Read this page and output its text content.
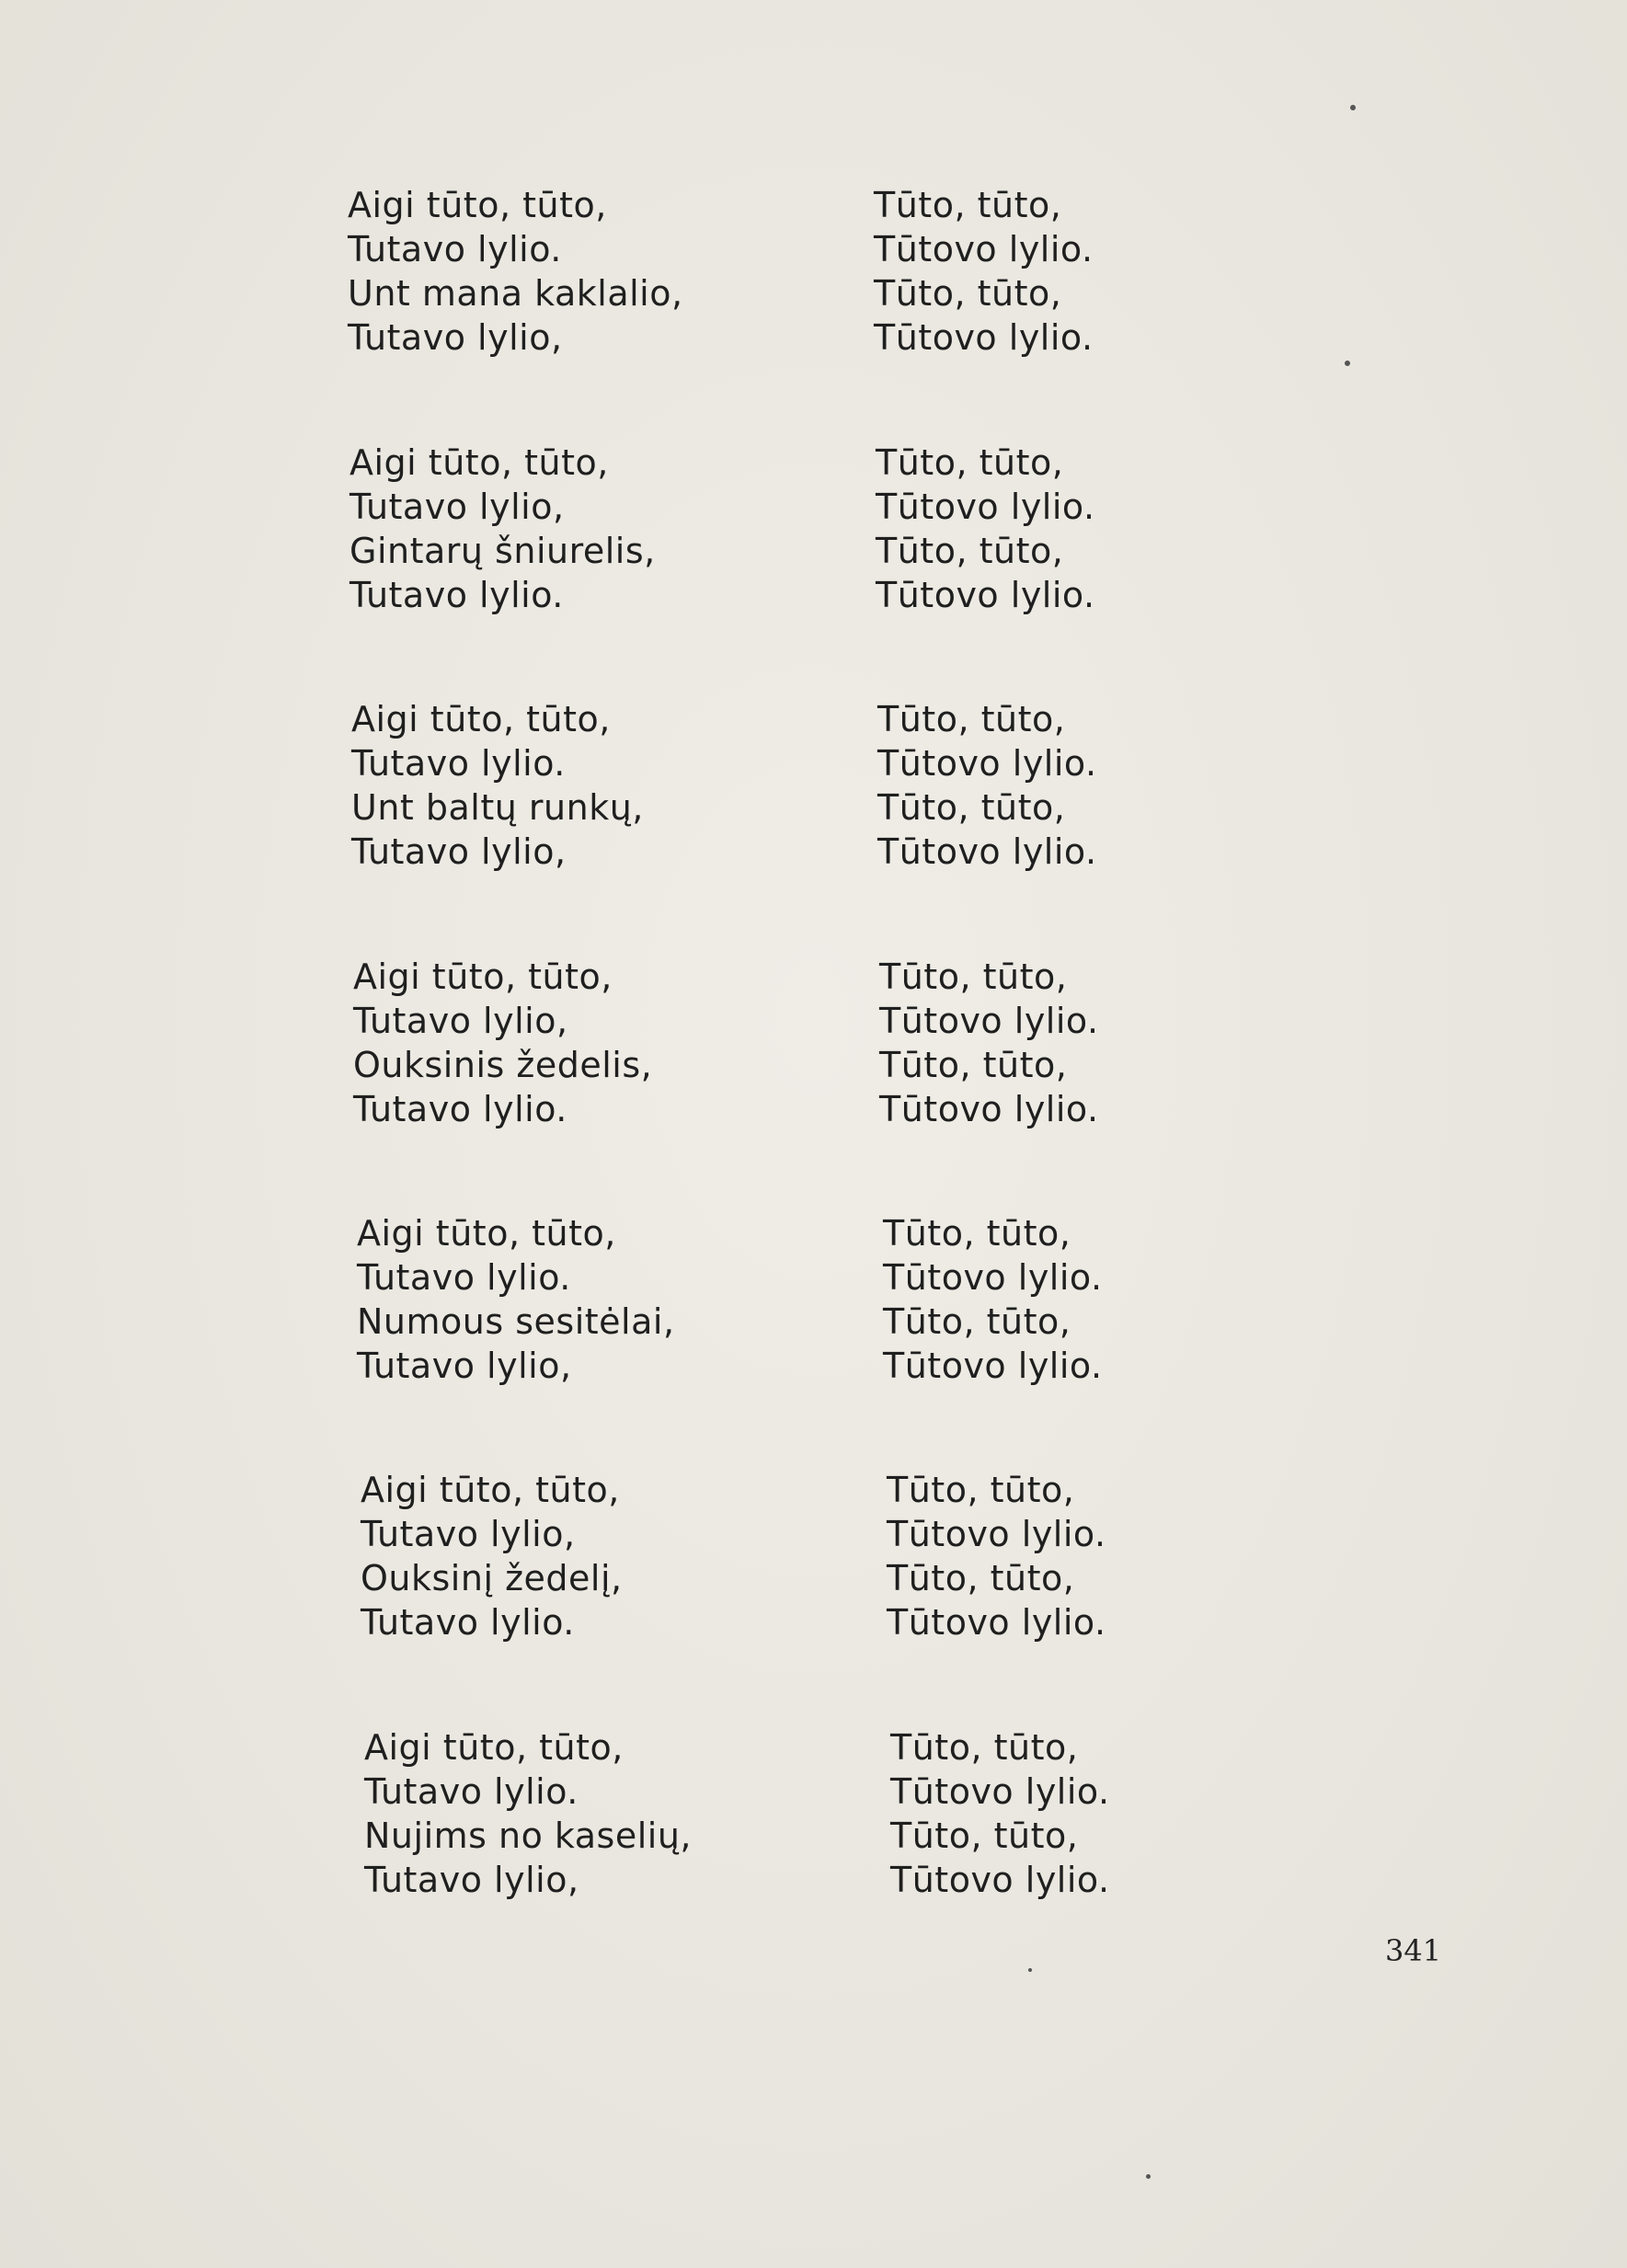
Aigi tūto, tūto,
Tutavo lylio.
Unt mana kaklalio,
Tutavo lylio,
Tūto, tūto,
Tūtovo lylio.
Tūto, tūto,
Tūtovo lylio.
Aigi tūto, tūto,
Tutavo lylio,
Gintarų šniurelis,
Tutavo lylio.
Tūto, tūto,
Tūtovo lylio.
Tūto, tūto,
Tūtovo lylio.
Aigi tūto, tūto,
Tutavo lylio.
Unt baltų runkų,
Tutavo lylio,
Tūto, tūto,
Tūtovo lylio.
Tūto, tūto,
Tūtovo lylio.
Aigi tūto, tūto,
Tutavo lylio,
Ouksinis žedelis,
Tutavo lylio.
Tūto, tūto,
Tūtovo lylio.
Tūto, tūto,
Tūtovo lylio.
Aigi tūto, tūto,
Tutavo lylio.
Numous sesitėlai,
Tutavo lylio,
Tūto, tūto,
Tūtovo lylio.
Tūto, tūto,
Tūtovo lylio.
Aigi tūto, tūto,
Tutavo lylio,
Ouksinį žedelį,
Tutavo lylio.
Tūto, tūto,
Tūtovo lylio.
Tūto, tūto,
Tūtovo lylio.
Aigi tūto, tūto,
Tutavo lylio.
Nujims no kaselių,
Tutavo lylio,
Tūto, tūto,
Tūtovo lylio.
Tūto, tūto,
Tūtovo lylio.
341
